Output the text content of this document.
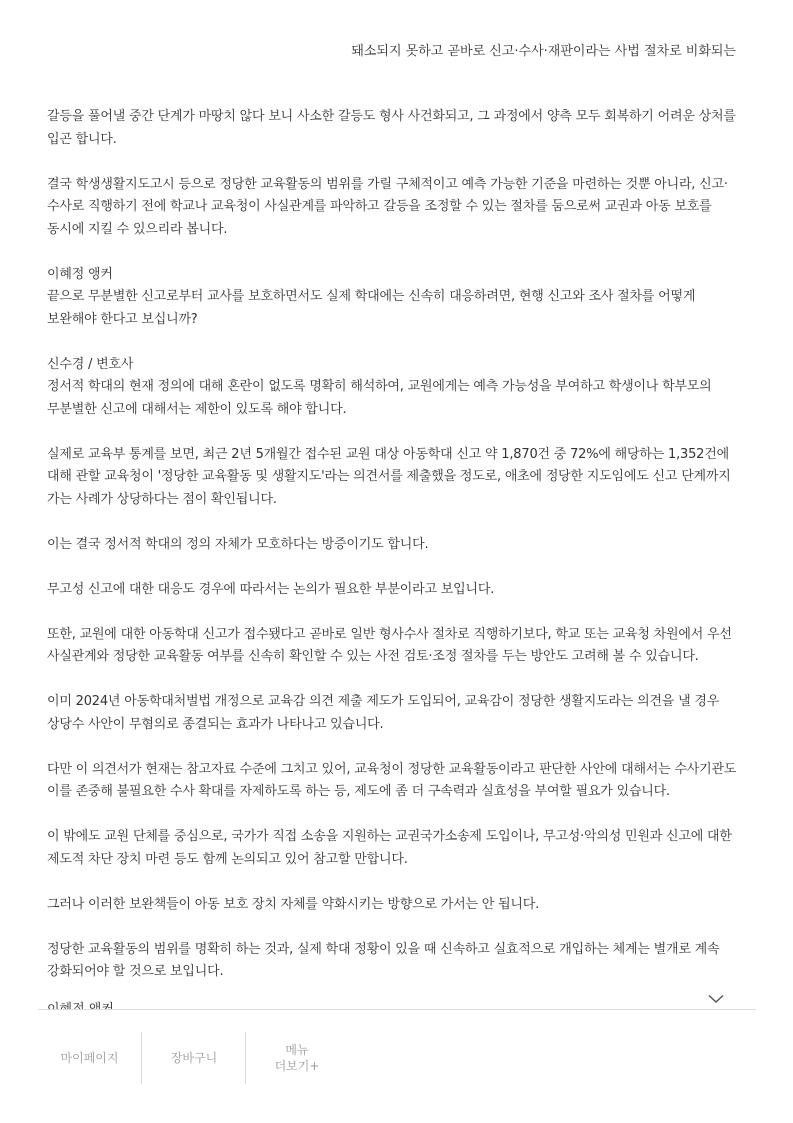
돼소되지 못하고 곧바로 신고·수사·재판이라는 사법 절차로 비화되는

갈등을 풀어낼 중간 단계가 마땅치 않다 보니 사소한 갈등도 형사 사건화되고, 그 과정에서 양측 모두 회복하기 어려운 상처를 입곤 합니다.

결국 학생생활지도고시 등으로 정당한 교육활동의 범위를 가릴 구체적이고 예측 가능한 기준을 마련하는 것뿐 아니라, 신고·수사로 직행하기 전에 학교나 교육청이 사실관계를 파악하고 갈등을 조정할 수 있는 절차를 둠으로써 교권과 아동 보호를 동시에 지킬 수 있으리라 봅니다.

이혜정 앵커

끝으로 무분별한 신고로부터 교사를 보호하면서도 실제 학대에는 신속히 대응하려면, 현행 신고와 조사 절차를 어떻게 보완해야 한다고 보십니까?

신수경 / 변호사

정서적 학대의 현재 정의에 대해 혼란이 없도록 명확히 해석하여, 교원에게는 예측 가능성을 부여하고 학생이나 학부모의 무분별한 신고에 대해서는 제한이 있도록 해야 합니다.

실제로 교육부 통계를 보면, 최근 2년 5개월간 접수된 교원 대상 아동학대 신고 약 1,870건 중 72%에 해당하는 1,352건에 대해 관할 교육청이 '정당한 교육활동 및 생활지도'라는 의견서를 제출했을 정도로, 애초에 정당한 지도임에도 신고 단계까지 가는 사례가 상당하다는 점이 확인됩니다.

이는 결국 정서적 학대의 정의 자체가 모호하다는 방증이기도 합니다.

무고성 신고에 대한 대응도 경우에 따라서는 논의가 필요한 부분이라고 보입니다.

또한, 교원에 대한 아동학대 신고가 접수됐다고 곧바로 일반 형사수사 절차로 직행하기보다, 학교 또는 교육청 차원에서 우선 사실관계와 정당한 교육활동 여부를 신속히 확인할 수 있는 사전 검토·조정 절차를 두는 방안도 고려해 볼 수 있습니다.

이미 2024년 아동학대처벌법 개정으로 교육감 의견 제출 제도가 도입되어, 교육감이 정당한 생활지도라는 의견을 낼 경우 상당수 사안이 무혐의로 종결되는 효과가 나타나고 있습니다.

다만 이 의견서가 현재는 참고자료 수준에 그치고 있어, 교육청이 정당한 교육활동이라고 판단한 사안에 대해서는 수사기관도 이를 존중해 불필요한 수사 확대를 자제하도록 하는 등, 제도에 좀 더 구속력과 실효성을 부여할 필요가 있습니다.

이 밖에도 교원 단체를 중심으로, 국가가 직접 소송을 지원하는 교권국가소송제 도입이나, 무고성·악의성 민원과 신고에 대한 제도적 차단 장치 마련 등도 함께 논의되고 있어 참고할 만합니다.

그러나 이러한 보완책들이 아동 보호 장치 자체를 약화시키는 방향으로 가서는 안 됩니다.

정당한 교육활동의 범위를 명확히 하는 것과, 실제 학대 정황이 있을 때 신속하고 실효적으로 개입하는 체계는 별개로 계속 강화되어야 할 것으로 보입니다.

마이페이지	장바구니
메뉴
더보기+
